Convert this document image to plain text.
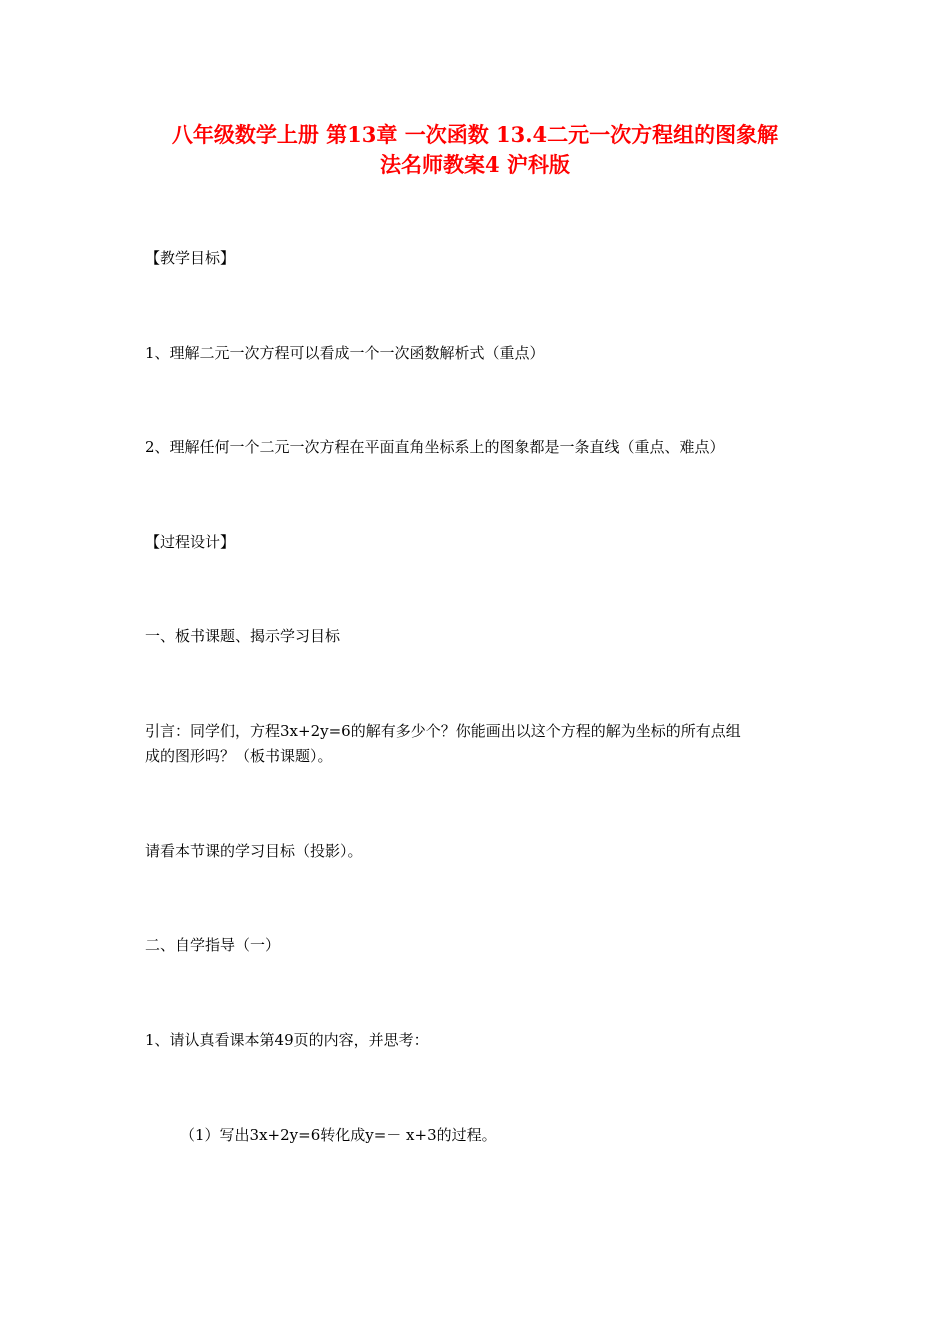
八年级数学上册 第13章 一次函数 13.4二元一次方程组的图象解
法名师教案4 沪科版
【教学目标】
1、理解二元一次方程可以看成一个一次函数解析式（重点）
2、理解任何一个二元一次方程在平面直角坐标系上的图象都是一条直线（重点、难点）
【过程设计】
一、板书课题、揭示学习目标
引言：同学们，方程3x+2y=6的解有多少个？你能画出以这个方程的解为坐标的所有点组
成的图形吗？（板书课题）。
请看本节课的学习目标（投影）。
二、自学指导（一）
1、请认真看课本第49页的内容，并思考：
（1）写出3x+2y=6转化成y=－ x+3的过程。
